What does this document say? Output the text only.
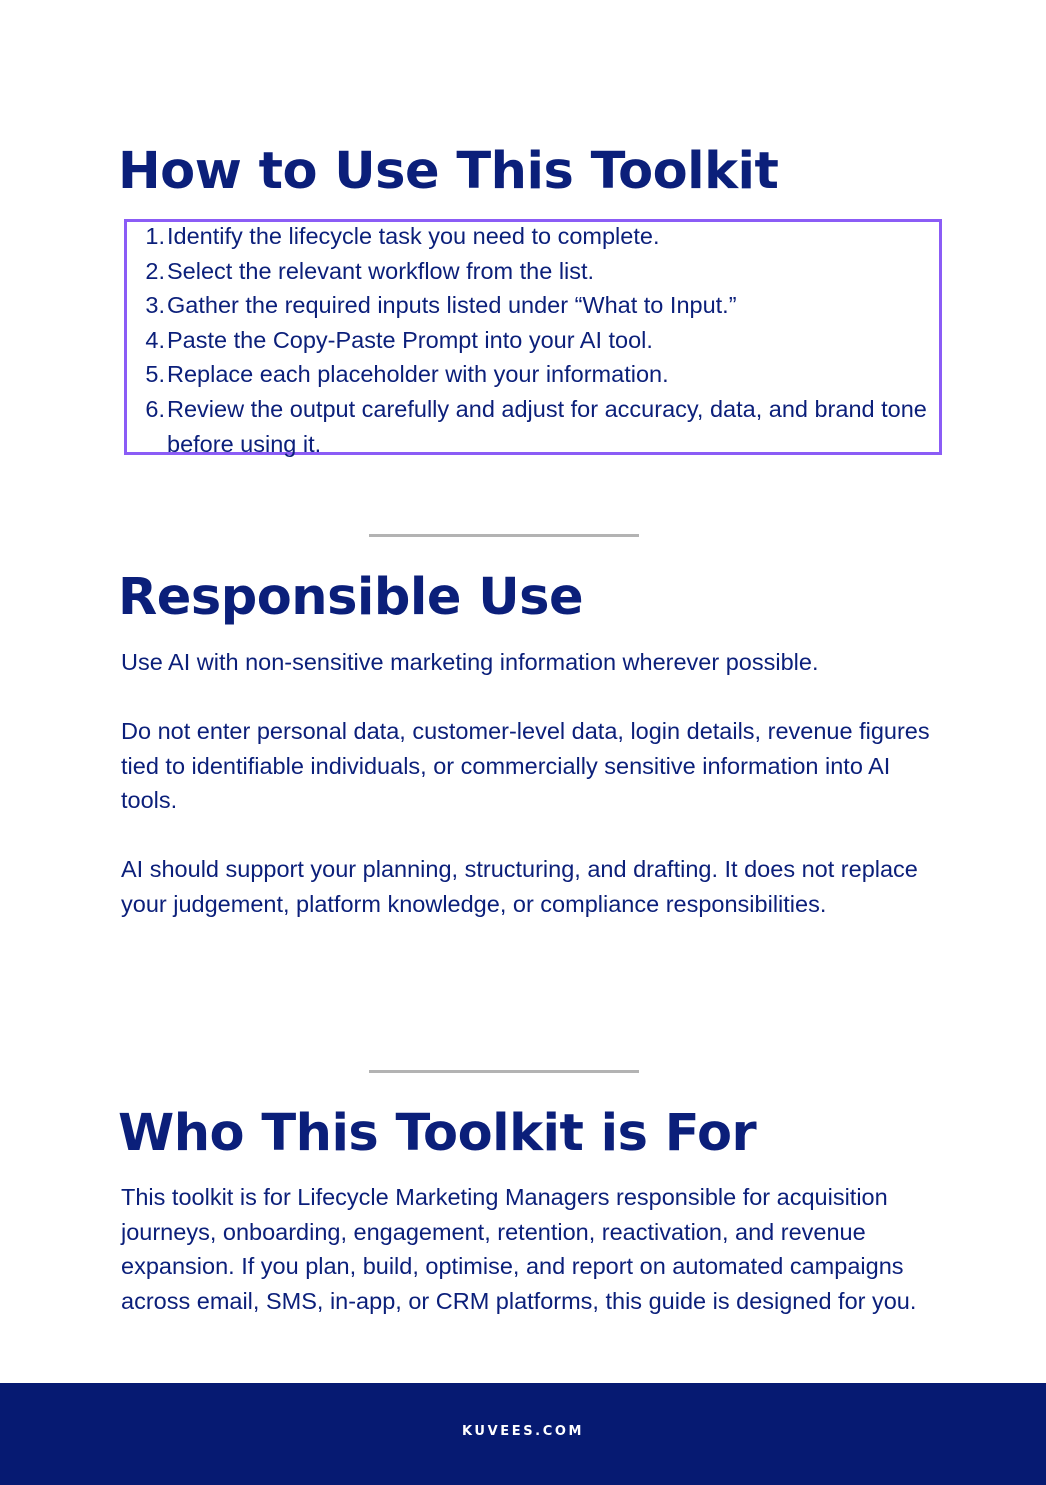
How to Use This Toolkit
1. Identify the lifecycle task you need to complete.
2. Select the relevant workflow from the list.
3. Gather the required inputs listed under “What to Input.”
4. Paste the Copy-Paste Prompt into your AI tool.
5. Replace each placeholder with your information.
6. Review the output carefully and adjust for accuracy, data, and brand tone before using it.
Responsible Use

Use AI with non-sensitive marketing information wherever possible.

Do not enter personal data, customer-level data, login details, revenue figures tied to identifiable individuals, or commercially sensitive information into AI tools.

AI should support your planning, structuring, and drafting. It does not replace your judgement, platform knowledge, or compliance responsibilities.

Who This Toolkit is For

This toolkit is for Lifecycle Marketing Managers responsible for acquisition journeys, onboarding, engagement, retention, reactivation, and revenue expansion. If you plan, build, optimise, and report on automated campaigns across email, SMS, in-app, or CRM platforms, this guide is designed for you.

KUVEES.COM
